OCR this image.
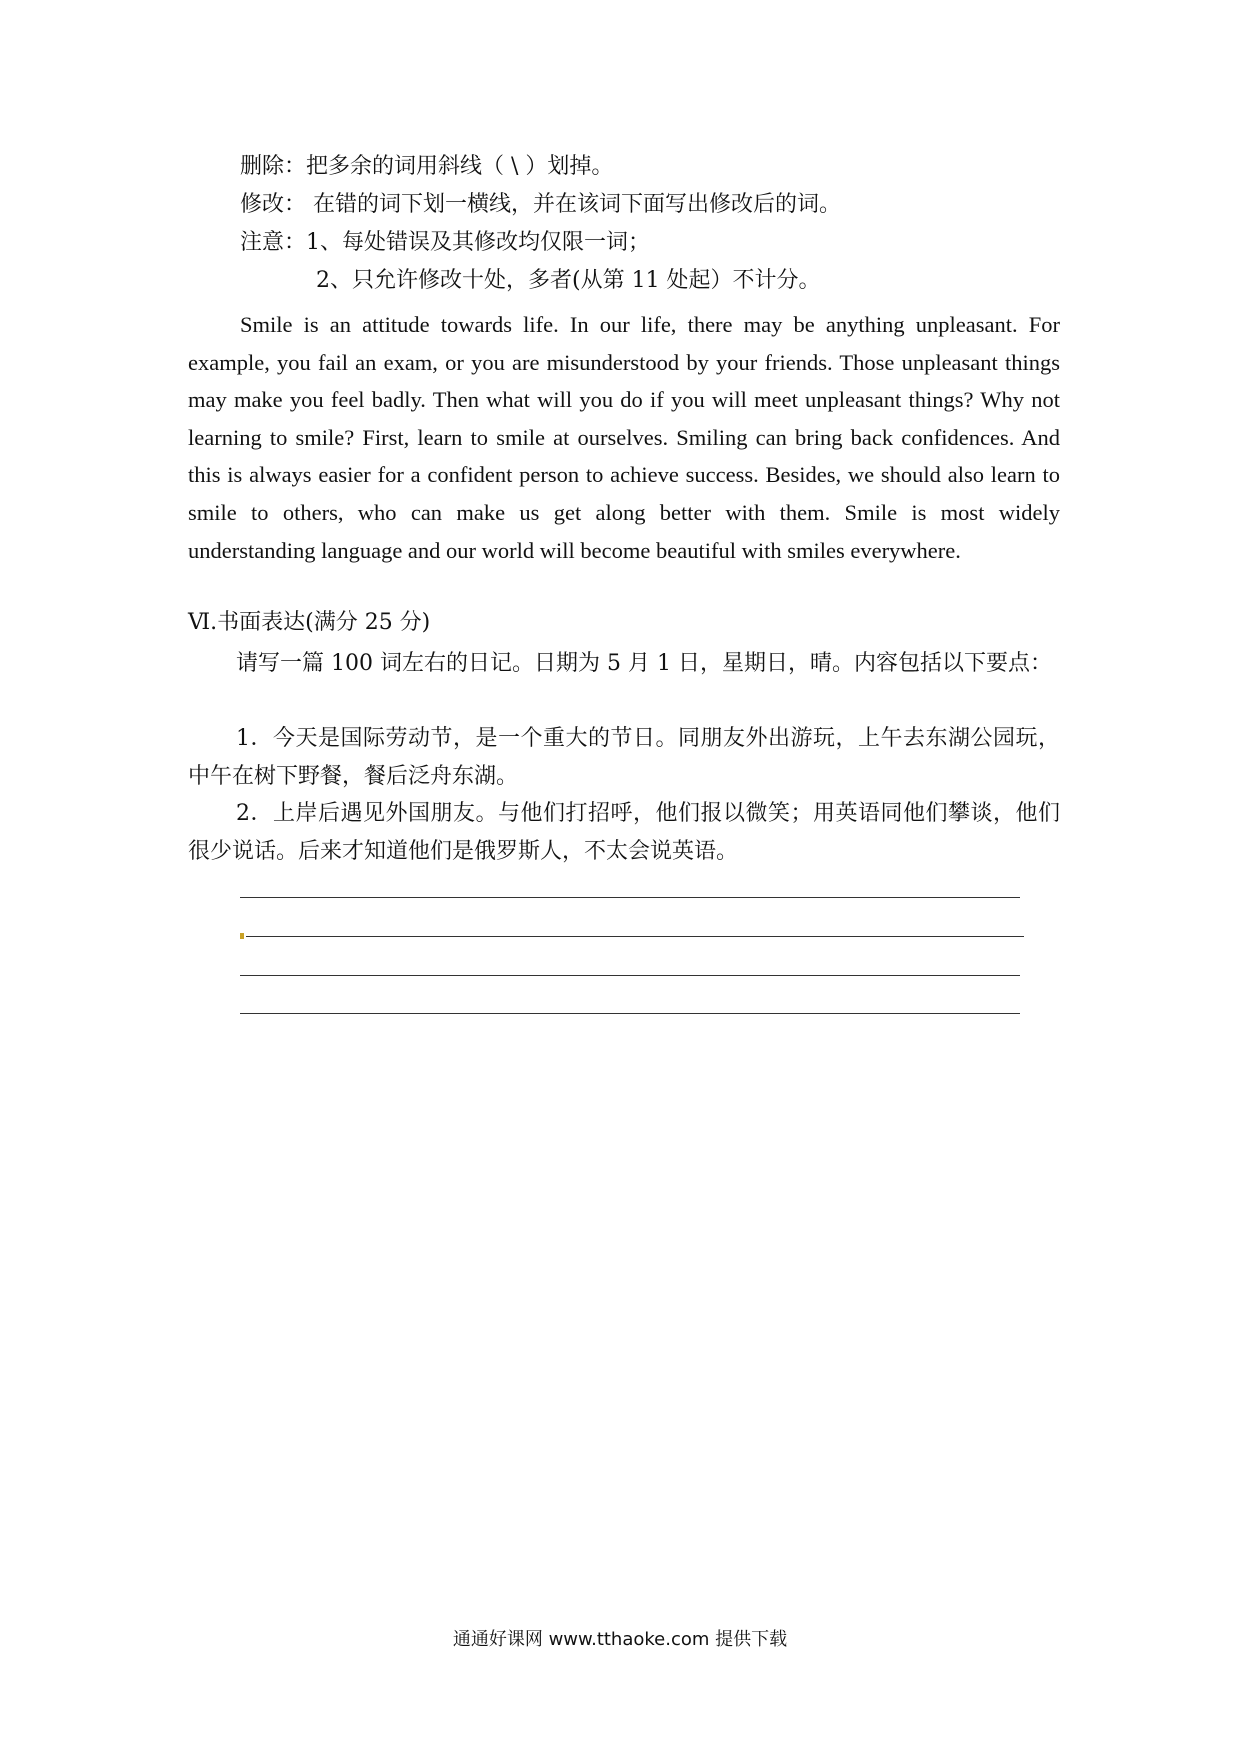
删除：把多余的词用斜线（ \ ）划掉。
修改： 在错的词下划一横线，并在该词下面写出修改后的词。
注意：1、每处错误及其修改均仅限一词；
2、只允许修改十处，多者(从第 11 处起）不计分。
Smile is an attitude towards life. In our life, there may be anything unpleasant. For example, you fail an exam, or you are misunderstood by your friends. Those unpleasant things may make you feel badly. Then what will you do if you will meet unpleasant things? Why not learning to smile? First, learn to smile at ourselves. Smiling can bring back confidences. And this is always easier for a confident person to achieve success. Besides, we should also learn to smile to others, who can make us get along better with them. Smile is most widely understanding language and our world will become beautiful with smiles everywhere.
Ⅵ.书面表达(满分 25 分)
请写一篇 100 词左右的日记。日期为 5 月 1 日，星期日，晴。内容包括以下要点：
1．今天是国际劳动节，是一个重大的节日。同朋友外出游玩，上午去东湖公园玩，中午在树下野餐，餐后泛舟东湖。
2．上岸后遇见外国朋友。与他们打招呼，他们报以微笑；用英语同他们攀谈，他们很少说话。后来才知道他们是俄罗斯人，不太会说英语。
通通好课网 www.tthaoke.com 提供下载
